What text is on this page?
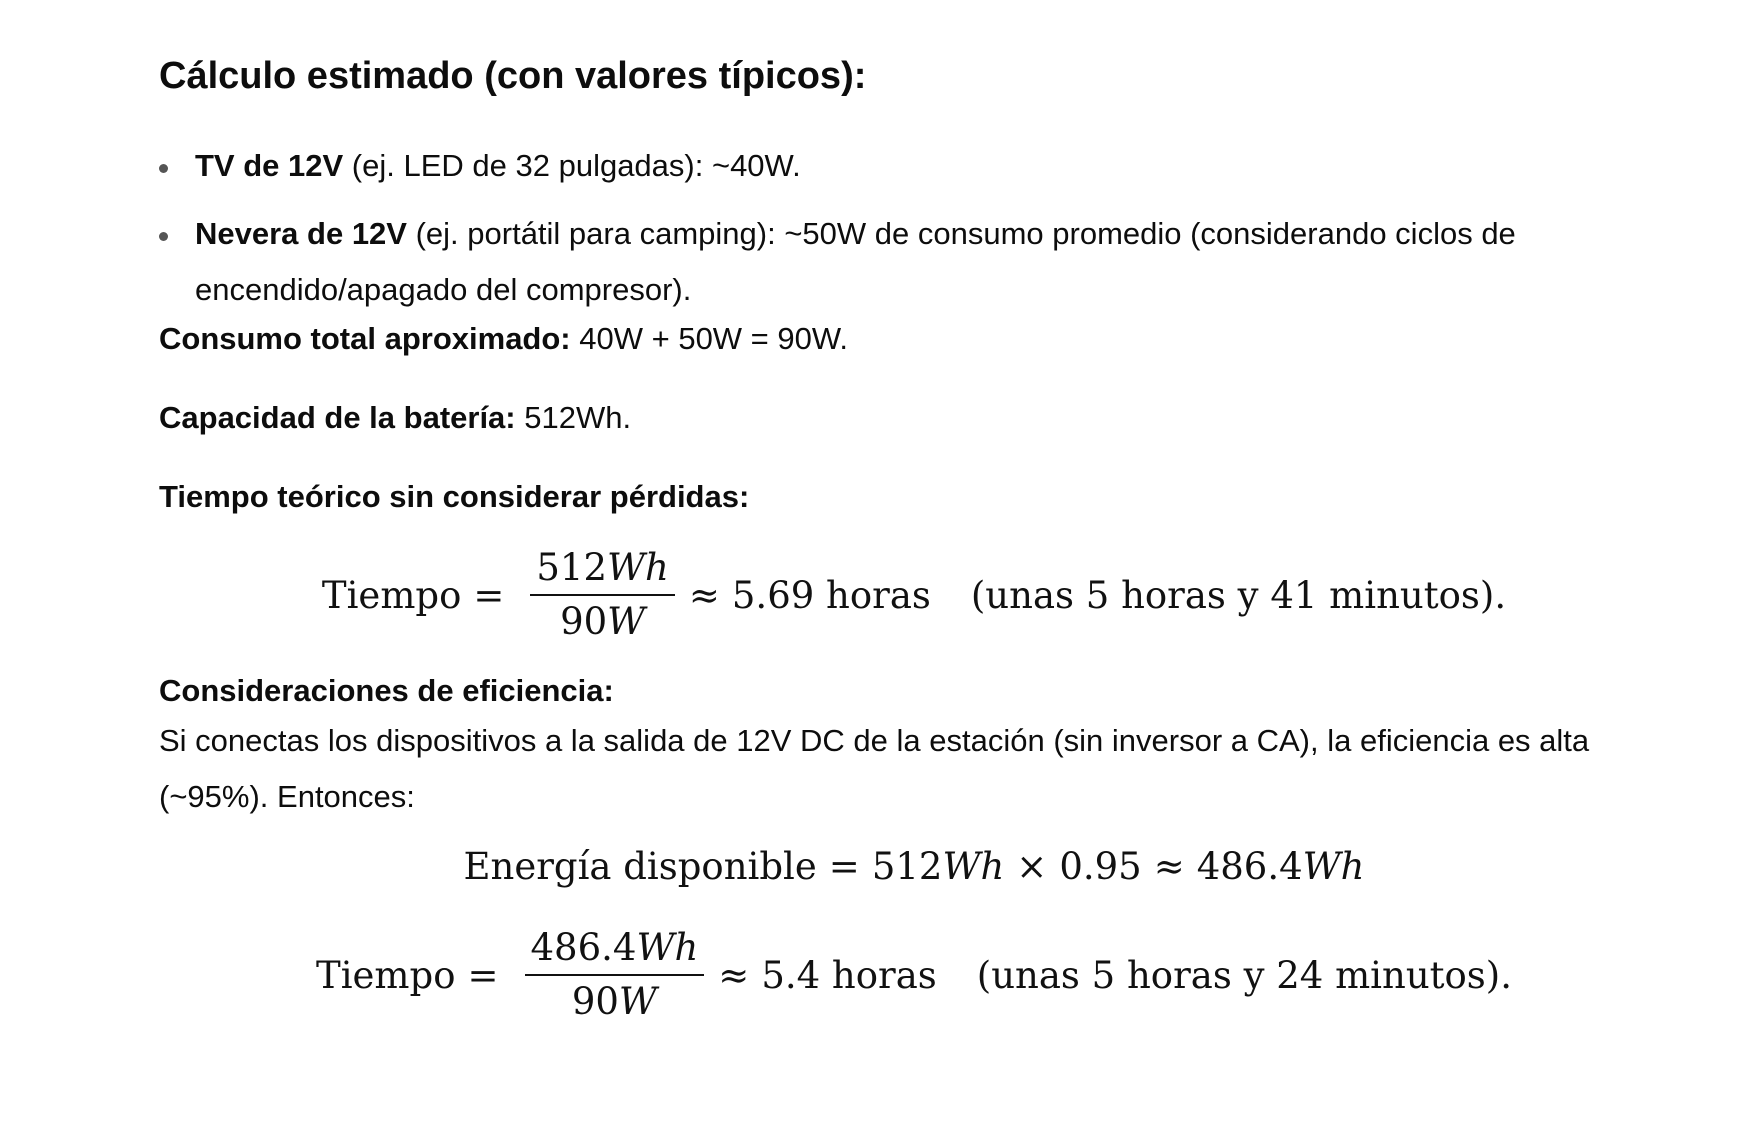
Cálculo estimado (con valores típicos):
TV de 12V (ej. LED de 32 pulgadas): ~40W.
Nevera de 12V (ej. portátil para camping): ~50W de consumo promedio (considerando ciclos de encendido/apagado del compresor).

Consumo total aproximado: 40W + 50W = 90W.

Capacidad de la batería: 512Wh.

Tiempo teórico sin considerar pérdidas:

Tiempo = $\frac{512Wh}{90W} \approx 5.69$ horas (unas 5 horas y 41 minutos).

Consideraciones de eficiencia:

Si conectas los dispositivos a la salida de 12V DC de la estación (sin inversor a CA), la eficiencia es alta (~95%). Entonces:

Energía disponible = 512 Wh × 0.95 ≈ 486.4 Wh
Tiempo = $\frac{486.4Wh}{90W} \approx 5.4$ horas (unas 5 horas y 24 minutos).
